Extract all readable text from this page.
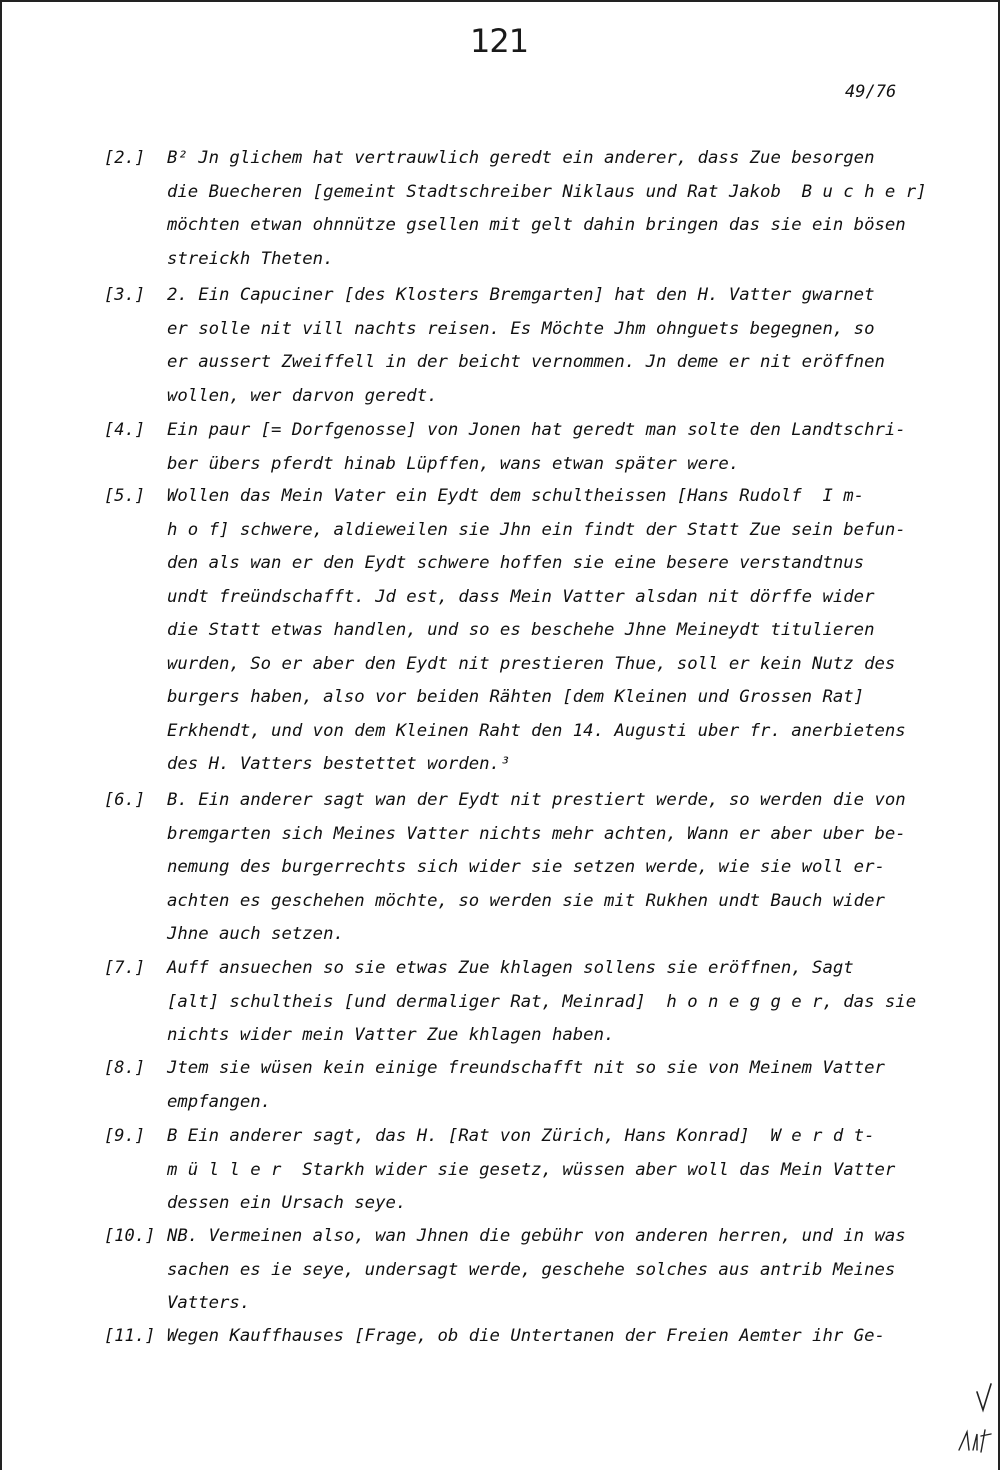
121
49/76
[2.] B² Jn glichem hat vertrauwlich geredt ein anderer, dass Zue besorgen
die Buecheren [gemeint Stadtschreiber Niklaus und Rat Jakob  B u c h e r]
möchten etwan ohnnütze gsellen mit gelt dahin bringen das sie ein bösen
streickh Theten.
[3.] 2. Ein Capuciner [des Klosters Bremgarten] hat den H. Vatter gwarnet
er solle nit vill nachts reisen. Es Möchte Jhm ohnguets begegnen, so
er aussert Zweiffell in der beicht vernommen. Jn deme er nit eröffnen
wollen, wer darvon geredt.
[4.] Ein paur [= Dorfgenosse] von Jonen hat geredt man solte den Landtschri-
ber übers pferdt hinab Lüpffen, wans etwan später were.
[5.] Wollen das Mein Vater ein Eydt dem schultheissen [Hans Rudolf  I m-
h o f] schwere, aldieweilen sie Jhn ein findt der Statt Zue sein befun-
den als wan er den Eydt schwere hoffen sie eine besere verstandtnus
undt freündschafft. Jd est, dass Mein Vatter alsdan nit dörffe wider
die Statt etwas handlen, und so es beschehe Jhne Meineydt titulieren
wurden, So er aber den Eydt nit prestieren Thue, soll er kein Nutz des
burgers haben, also vor beiden Rähten [dem Kleinen und Grossen Rat]
Erkhendt, und von dem Kleinen Raht den 14. Augusti uber fr. anerbietens
des H. Vatters bestettet worden.³
[6.] B. Ein anderer sagt wan der Eydt nit prestiert werde, so werden die von
bremgarten sich Meines Vatter nichts mehr achten, Wann er aber uber be-
nemung des burgerrechts sich wider sie setzen werde, wie sie woll er-
achten es geschehen möchte, so werden sie mit Rukhen undt Bauch wider
Jhne auch setzen.
[7.] Auff ansuechen so sie etwas Zue khlagen sollens sie eröffnen, Sagt
[alt] schultheis [und dermaliger Rat, Meinrad]  h o n e g g e r, das sie
nichts wider mein Vatter Zue khlagen haben.
[8.] Jtem sie wüsen kein einige freundschafft nit so sie von Meinem Vatter
empfangen.
[9.] B Ein anderer sagt, das H. [Rat von Zürich, Hans Konrad]  W e r d t-
m ü l l e r  Starkh wider sie gesetz, wüssen aber woll das Mein Vatter
dessen ein Ursach seye.
[10.] NB. Vermeinen also, wan Jhnen die gebühr von anderen herren, und in was
sachen es ie seye, undersagt werde, geschehe solches aus antrib Meines
Vatters.
[11.] Wegen Kauffhauses [Frage, ob die Untertanen der Freien Aemter ihr Ge-
